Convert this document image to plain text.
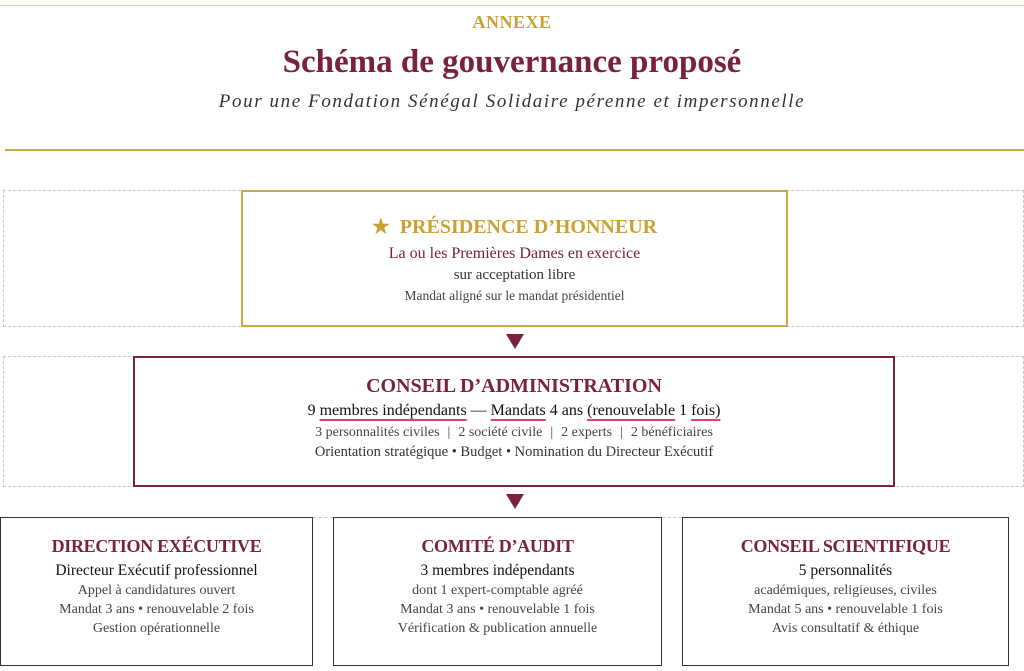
ANNEXE
Schéma de gouvernance proposé
Pour une Fondation Sénégal Solidaire pérenne et impersonnelle
★ PRÉSIDENCE D’HONNEUR
La ou les Premières Dames en exercice
sur acceptation libre
Mandat aligné sur le mandat présidentiel
CONSEIL D’ADMINISTRATION
9 membres indépendants — Mandats 4 ans (renouvelable 1 fois)
3 personnalités civiles | 2 société civile | 2 experts | 2 bénéficiaires
Orientation stratégique • Budget • Nomination du Directeur Exécutif
DIRECTION EXÉCUTIVE
Directeur Exécutif professionnel
Appel à candidatures ouvert
Mandat 3 ans • renouvelable 2 fois
Gestion opérationnelle
COMITÉ D’AUDIT
3 membres indépendants
dont 1 expert-comptable agréé
Mandat 3 ans • renouvelable 1 fois
Vérification & publication annuelle
CONSEIL SCIENTIFIQUE
5 personnalités
académiques, religieuses, civiles
Mandat 5 ans • renouvelable 1 fois
Avis consultatif & éthique
